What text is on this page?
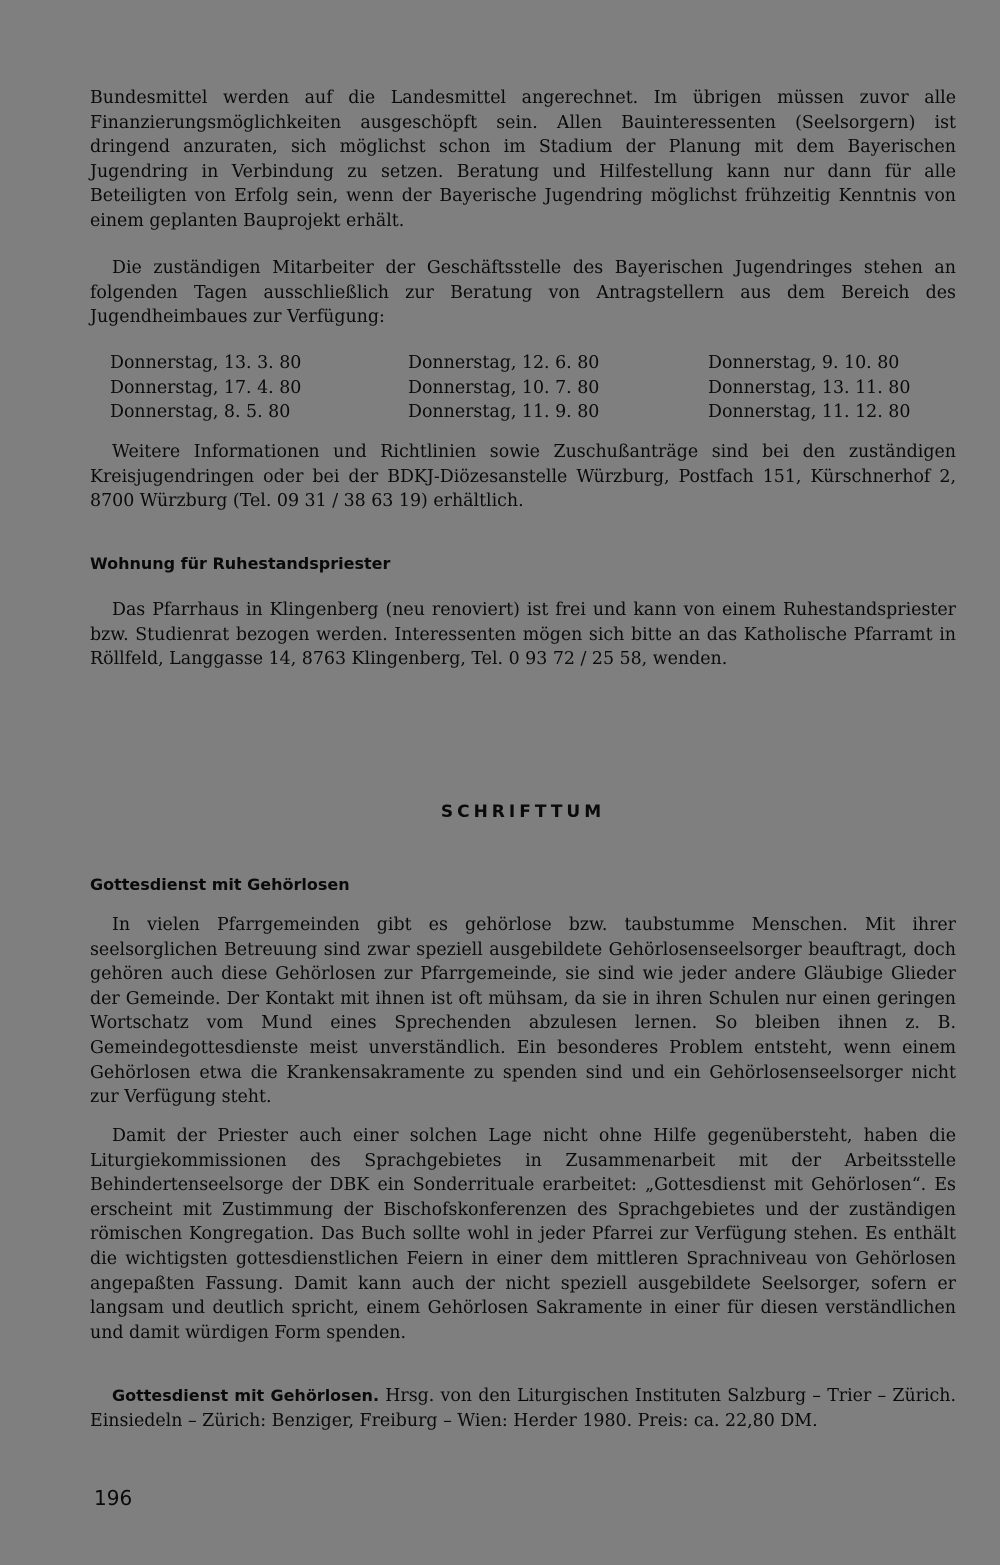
Bundesmittel werden auf die Landesmittel angerechnet. Im übrigen müssen zuvor alle Finanzierungsmöglichkeiten ausgeschöpft sein. Allen Bauinteressenten (Seelsorgern) ist dringend anzuraten, sich möglichst schon im Stadium der Planung mit dem Bayerischen Jugendring in Verbindung zu setzen. Beratung und Hilfestellung kann nur dann für alle Beteiligten von Erfolg sein, wenn der Bayerische Jugendring möglichst frühzeitig Kenntnis von einem geplanten Bauprojekt erhält.

Die zuständigen Mitarbeiter der Geschäftsstelle des Bayerischen Jugendringes stehen an folgenden Tagen ausschließlich zur Beratung von Antragstellern aus dem Bereich des Jugendheimbaues zur Verfügung:

Donnerstag, 13. 3. 80
Donnerstag, 17. 4. 80
Donnerstag, 8. 5. 80
Donnerstag, 12. 6. 80
Donnerstag, 10. 7. 80
Donnerstag, 11. 9. 80
Donnerstag, 9. 10. 80
Donnerstag, 13. 11. 80
Donnerstag, 11. 12. 80

Weitere Informationen und Richtlinien sowie Zuschußanträge sind bei den zuständigen Kreisjugendringen oder bei der BDKJ-Diözesanstelle Würzburg, Postfach 151, Kürschnerhof 2, 8700 Würzburg (Tel. 09 31 / 38 63 19) erhältlich.

Wohnung für Ruhestandspriester

Das Pfarrhaus in Klingenberg (neu renoviert) ist frei und kann von einem Ruhestandspriester bzw. Studienrat bezogen werden. Interessenten mögen sich bitte an das Katholische Pfarramt in Röllfeld, Langgasse 14, 8763 Klingenberg, Tel. 0 93 72 / 25 58, wenden.

SCHRIFTTUM
Gottesdienst mit Gehörlosen

In vielen Pfarrgemeinden gibt es gehörlose bzw. taubstumme Menschen. Mit ihrer seelsorglichen Betreuung sind zwar speziell ausgebildete Gehörlosenseelsorger beauftragt, doch gehören auch diese Gehörlosen zur Pfarrgemeinde, sie sind wie jeder andere Gläubige Glieder der Gemeinde. Der Kontakt mit ihnen ist oft mühsam, da sie in ihren Schulen nur einen geringen Wortschatz vom Mund eines Sprechenden abzulesen lernen. So bleiben ihnen z. B. Gemeindegottesdienste meist unverständlich. Ein besonderes Problem entsteht, wenn einem Gehörlosen etwa die Krankensakramente zu spenden sind und ein Gehörlosenseelsorger nicht zur Verfügung steht.

Damit der Priester auch einer solchen Lage nicht ohne Hilfe gegenübersteht, haben die Liturgiekommissionen des Sprachgebietes in Zusammenarbeit mit der Arbeitsstelle Behindertenseelsorge der DBK ein Sonderrituale erarbeitet: „Gottesdienst mit Gehörlosen“. Es erscheint mit Zustimmung der Bischofskonferenzen des Sprachgebietes und der zuständigen römischen Kongregation. Das Buch sollte wohl in jeder Pfarrei zur Verfügung stehen. Es enthält die wichtigsten gottesdienstlichen Feiern in einer dem mittleren Sprachniveau von Gehörlosen angepaßten Fassung. Damit kann auch der nicht speziell ausgebildete Seelsorger, sofern er langsam und deutlich spricht, einem Gehörlosen Sakramente in einer für diesen verständlichen und damit würdigen Form spenden.

Gottesdienst mit Gehörlosen. Hrsg. von den Liturgischen Instituten Salzburg – Trier – Zürich. Einsiedeln – Zürich: Benziger, Freiburg – Wien: Herder 1980. Preis: ca. 22,80 DM.

196
